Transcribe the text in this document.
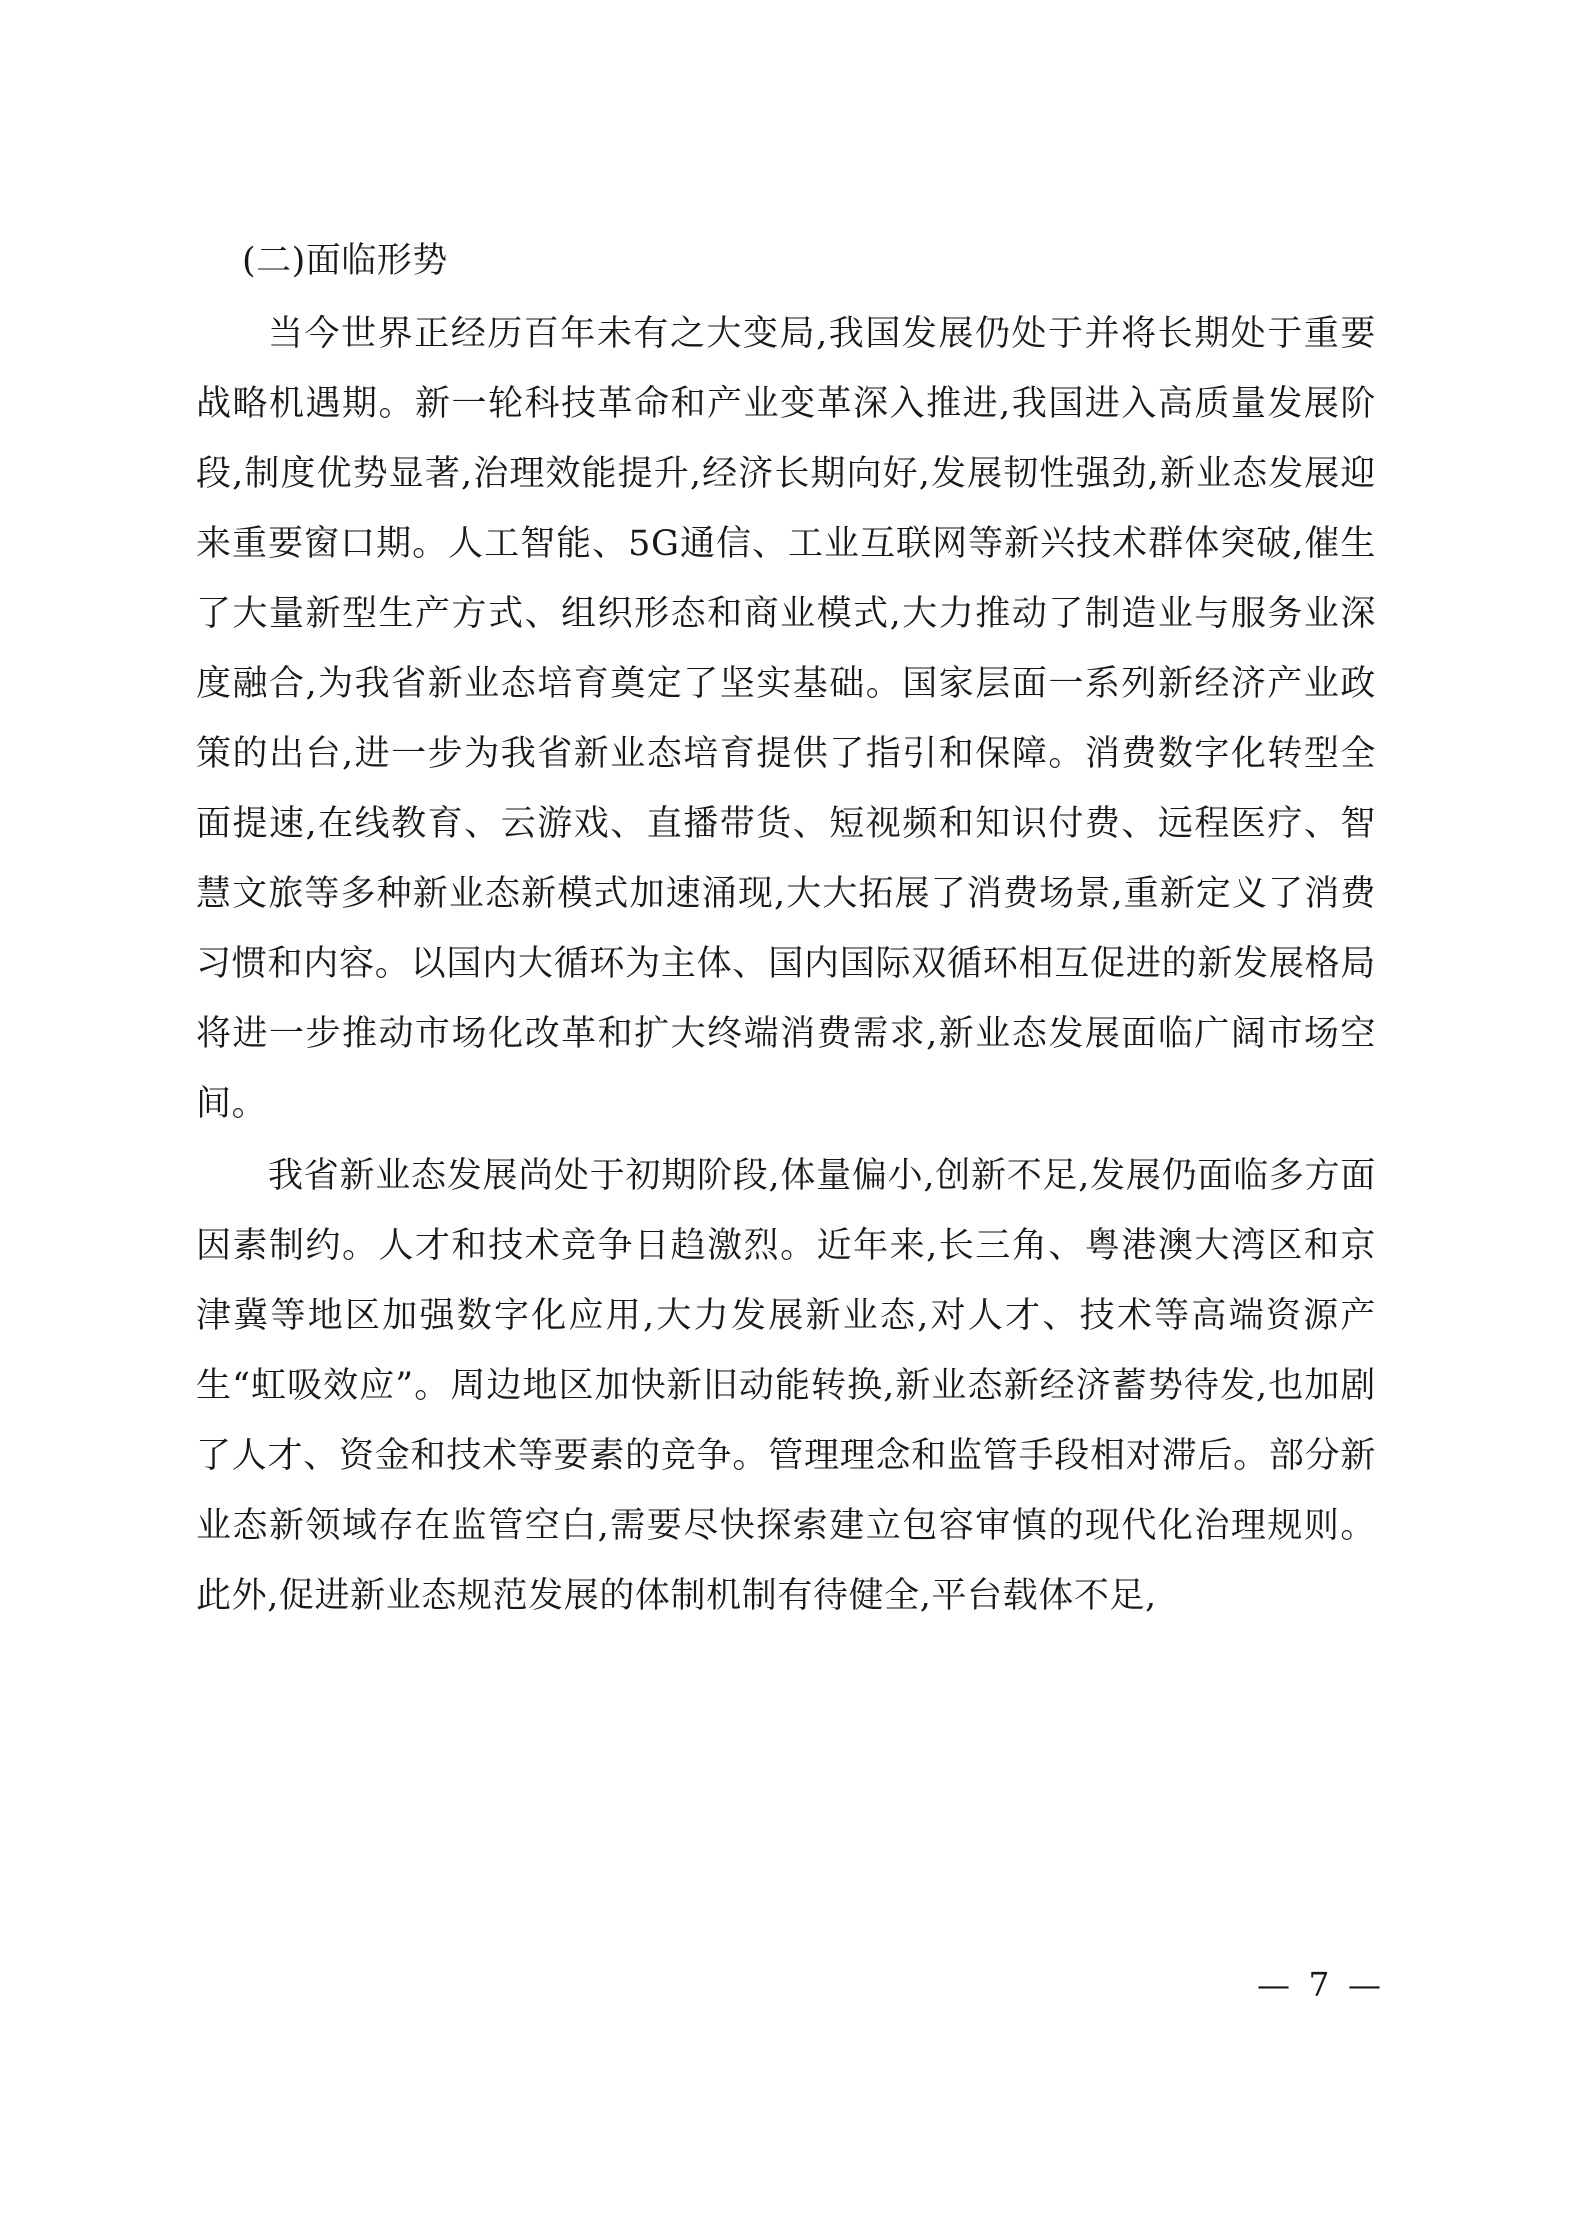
(二)面临形势

当今世界正经历百年未有之大变局,我国发展仍处于并将长期处于重要战略机遇期。新一轮科技革命和产业变革深入推进,我国进入高质量发展阶段,制度优势显著,治理效能提升,经济长期向好,发展韧性强劲,新业态发展迎来重要窗口期。人工智能、5G通信、工业互联网等新兴技术群体突破,催生了大量新型生产方式、组织形态和商业模式,大力推动了制造业与服务业深度融合,为我省新业态培育奠定了坚实基础。国家层面一系列新经济产业政策的出台,进一步为我省新业态培育提供了指引和保障。消费数字化转型全面提速,在线教育、云游戏、直播带货、短视频和知识付费、远程医疗、智慧文旅等多种新业态新模式加速涌现,大大拓展了消费场景,重新定义了消费习惯和内容。以国内大循环为主体、国内国际双循环相互促进的新发展格局将进一步推动市场化改革和扩大终端消费需求,新业态发展面临广阔市场空间。

我省新业态发展尚处于初期阶段,体量偏小,创新不足,发展仍面临多方面因素制约。人才和技术竞争日趋激烈。近年来,长三角、粤港澳大湾区和京津冀等地区加强数字化应用,大力发展新业态,对人才、技术等高端资源产生“虹吸效应”。周边地区加快新旧动能转换,新业态新经济蓄势待发,也加剧了人才、资金和技术等要素的竞争。管理理念和监管手段相对滞后。部分新业态新领域存在监管空白,需要尽快探索建立包容审慎的现代化治理规则。此外,促进新业态规范发展的体制机制有待健全,平台载体不足,

— 7 —
